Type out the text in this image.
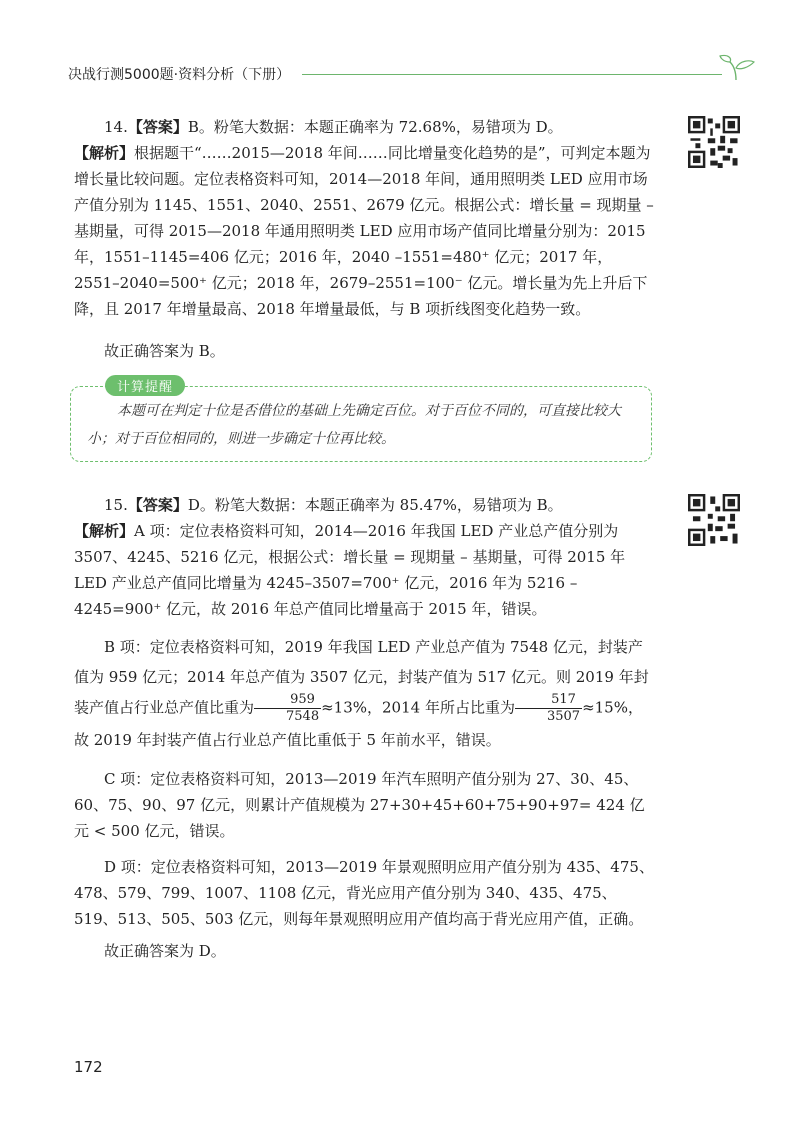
决战行测5000题·资料分析（下册）

14.【答案】B。粉笔大数据：本题正确率为 72.68%，易错项为 D。

【解析】根据题干“……2015—2018 年间……同比增量变化趋势的是”，可判定本题为增长量比较问题。定位表格资料可知，2014—2018 年间，通用照明类 LED 应用市场产值分别为 1145、1551、2040、2551、2679 亿元。根据公式：增长量 = 现期量 – 基期量，可得 2015—2018 年通用照明类 LED 应用市场产值同比增量分别为：2015 年，1551–1145=406 亿元；2016 年，2040 –1551=480⁺ 亿元；2017 年，2551–2040=500⁺ 亿元；2018 年，2679–2551=100⁻ 亿元。增长量为先上升后下降，且 2017 年增量最高、2018 年增量最低，与 B 项折线图变化趋势一致。

故正确答案为 B。

计算提醒
本题可在判定十位是否借位的基础上先确定百位。对于百位不同的，可直接比较大小；对于百位相同的，则进一步确定十位再比较。

15.【答案】D。粉笔大数据：本题正确率为 85.47%，易错项为 B。

【解析】A 项：定位表格资料可知，2014—2016 年我国 LED 产业总产值分别为 3507、4245、5216 亿元，根据公式：增长量 = 现期量 – 基期量，可得 2015 年 LED 产业总产值同比增量为 4245–3507=700⁺ 亿元，2016 年为 5216 – 4245=900⁺ 亿元，故 2016 年总产值同比增量高于 2015 年，错误。

B 项：定位表格资料可知，2019 年我国 LED 产业总产值为 7548 亿元，封装产值为 959 亿元；2014 年总产值为 3507 亿元，封装产值为 517 亿元。则 2019 年封装产值占行业总产值比重为 $\frac{959}{7548} \approx 13\%$，2014 年所占比重为 $\frac{517}{3507} \approx 15\%$，故 2019 年封装产值占行业总产值比重低于 5 年前水平，错误。

C 项：定位表格资料可知，2013—2019 年汽车照明产值分别为 27、30、45、60、75、90、97 亿元，则累计产值规模为 27+30+45+60+75+90+97= 424 亿元 < 500 亿元，错误。

D 项：定位表格资料可知，2013—2019 年景观照明应用产值分别为 435、475、478、579、799、1007、1108 亿元，背光应用产值分别为 340、435、475、519、513、505、503 亿元，则每年景观照明应用产值均高于背光应用产值，正确。

故正确答案为 D。

172
